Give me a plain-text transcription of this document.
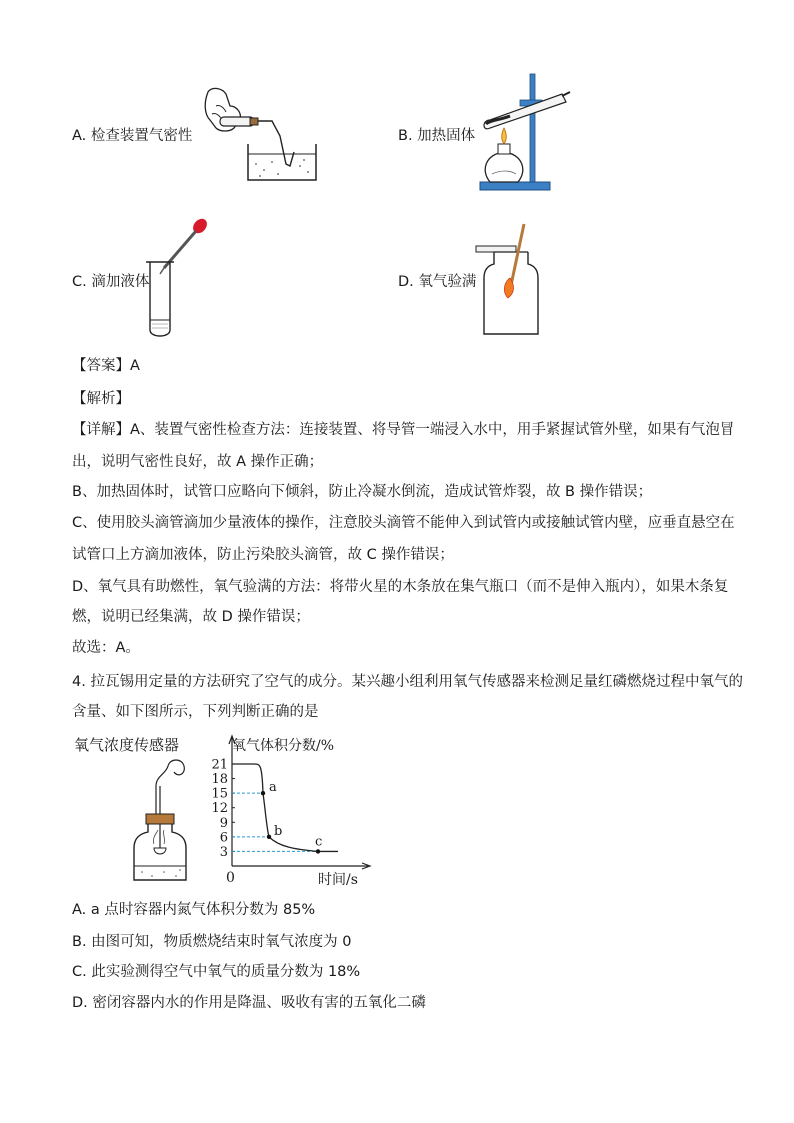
A. 检查装置气密性	B. 加热固体
C. 滴加液体	D. 氧气验满
【答案】A
【解析】
【详解】A、装置气密性检查方法：连接装置、将导管一端浸入水中，用手紧握试管外壁，如果有气泡冒
出，说明气密性良好，故 A 操作正确；
B、加热固体时，试管口应略向下倾斜，防止冷凝水倒流，造成试管炸裂，故 B 操作错误；
C、使用胶头滴管滴加少量液体的操作，注意胶头滴管不能伸入到试管内或接触试管内壁，应垂直悬空在
试管口上方滴加液体，防止污染胶头滴管，故 C 操作错误；
D、氧气具有助燃性，氧气验满的方法：将带火星的木条放在集气瓶口（而不是伸入瓶内），如果木条复
燃，说明已经集满，故 D 操作错误；
故选：A。
4. 拉瓦锡用定量的方法研究了空气的成分。某兴趣小组利用氧气传感器来检测足量红磷燃烧过程中氧气的
含量、如下图所示，下列判断正确的是
氧气浓度传感器
21
18
15
12
9
6
3
a
b
c
氧气体积分数/%
时间/s
0
A. a 点时容器内氮气体积分数为 85%
B. 由图可知，物质燃烧结束时氧气浓度为 0
C. 此实验测得空气中氧气的质量分数为 18%
D. 密闭容器内水的作用是降温、吸收有害的五氧化二磷
